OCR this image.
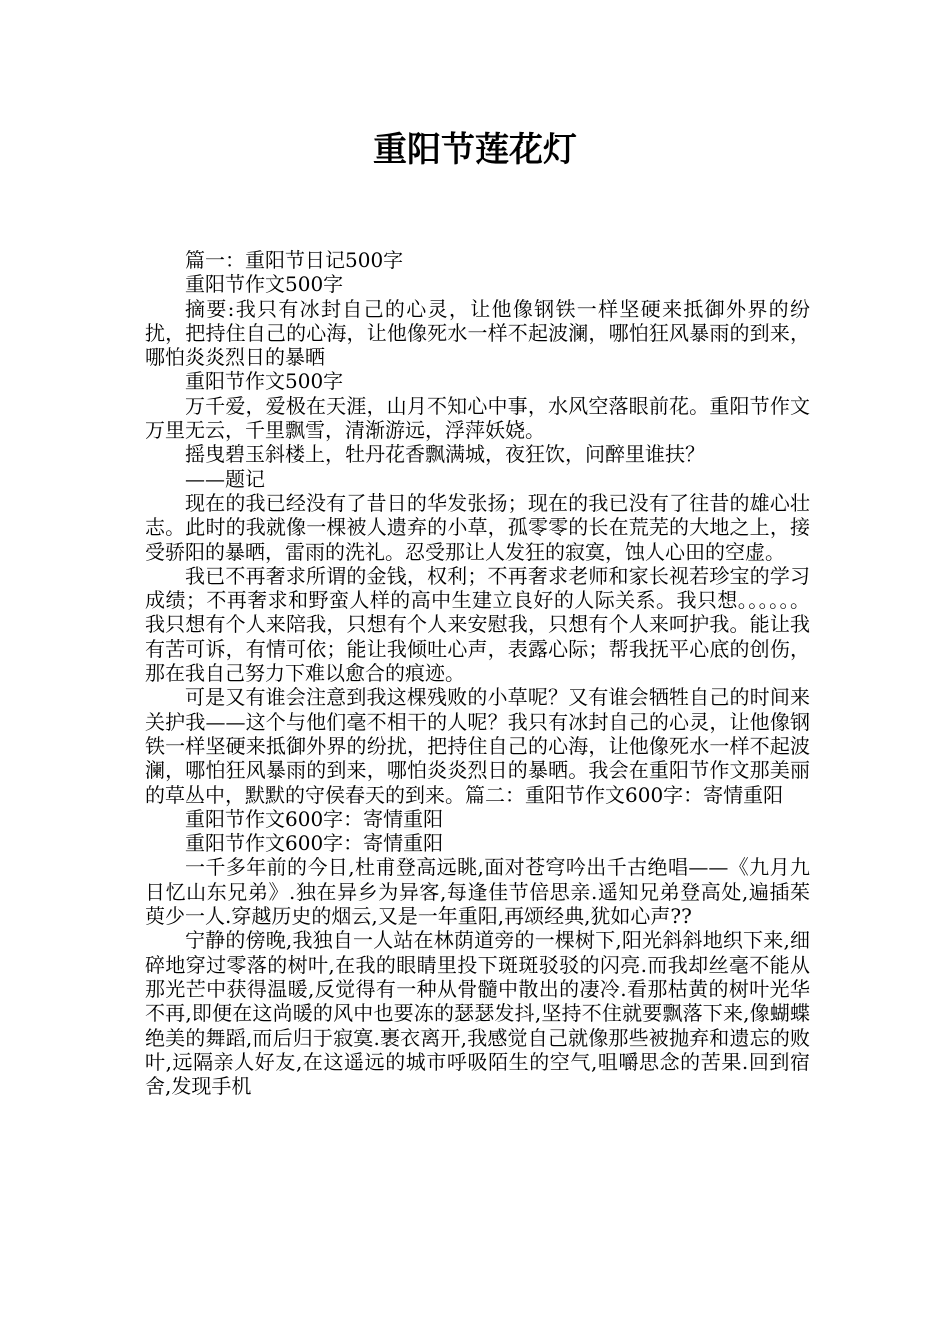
重阳节莲花灯

篇一：重阳节日记500字

重阳节作文500字

摘要:我只有冰封自己的心灵，让他像钢铁一样坚硬来抵御外界的纷扰，把持住自己的心海，让他像死水一样不起波澜，哪怕狂风暴雨的到来，哪怕炎炎烈日的暴晒

重阳节作文500字

万千爱，爱极在天涯，山月不知心中事，水风空落眼前花。重阳节作文万里无云，千里飘雪，清渐游远，浮萍妖娆。

摇曳碧玉斜楼上，牡丹花香飘满城，夜狂饮，问醉里谁扶？

——题记

现在的我已经没有了昔日的华发张扬；现在的我已没有了往昔的雄心壮志。此时的我就像一棵被人遗弃的小草，孤零零的长在荒芜的大地之上，接受骄阳的暴晒，雷雨的洗礼。忍受那让人发狂的寂寞，蚀人心田的空虚。

我已不再奢求所谓的金钱，权利；不再奢求老师和家长视若珍宝的学习成绩；不再奢求和野蛮人样的高中生建立良好的人际关系。我只想。。。。。。我只想有个人来陪我，只想有个人来安慰我，只想有个人来呵护我。能让我有苦可诉，有情可依；能让我倾吐心声，表露心际；帮我抚平心底的创伤，那在我自己努力下难以愈合的痕迹。

可是又有谁会注意到我这棵残败的小草呢？又有谁会牺牲自己的时间来关护我——这个与他们毫不相干的人呢？我只有冰封自己的心灵，让他像钢铁一样坚硬来抵御外界的纷扰，把持住自己的心海，让他像死水一样不起波澜，哪怕狂风暴雨的到来，哪怕炎炎烈日的暴晒。我会在重阳节作文那美丽的草丛中，默默的守侯春天的到来。篇二：重阳节作文600字：寄情重阳

重阳节作文600字：寄情重阳

重阳节作文600字：寄情重阳

一千多年前的今日,杜甫登高远眺,面对苍穹吟出千古绝唱——《九月九日忆山东兄弟》.独在异乡为异客,每逢佳节倍思亲.遥知兄弟登高处,遍插茱萸少一人.穿越历史的烟云,又是一年重阳,再颂经典,犹如心声??

宁静的傍晚,我独自一人站在林荫道旁的一棵树下,阳光斜斜地织下来,细碎地穿过零落的树叶,在我的眼睛里投下斑斑驳驳的闪亮.而我却丝毫不能从那光芒中获得温暖,反觉得有一种从骨髓中散出的凄冷.看那枯黄的树叶光华不再,即便在这尚暖的风中也要冻的瑟瑟发抖,坚持不住就要飘落下来,像蝴蝶绝美的舞蹈,而后归于寂寞.裹衣离开,我感觉自己就像那些被抛弃和遗忘的败叶,远隔亲人好友,在这遥远的城市呼吸陌生的空气,咀嚼思念的苦果.回到宿舍,发现手机
